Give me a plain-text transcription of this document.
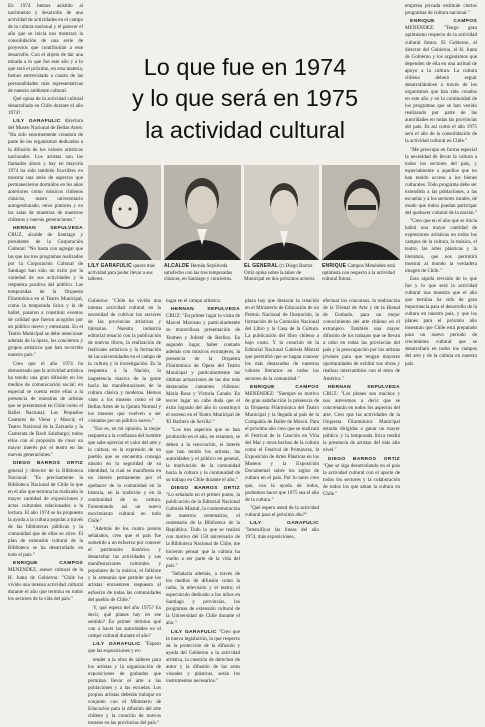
Lo que fue en 1974
y lo que será en 1975
la actividad cultural

En 1974 hemos asistido al nacimiento y desarrollo de una actividad de actividades en el campo de la cultura nacional y el parecer el año que se inicia nos mostrará la consolidación de una serie de proyectos que contribuirán a este desarrollo. Con el objeto de dar una mirada a lo que fue este año y a lo que será el próximo, en esta materia, hemos entrevistado a cuatro de las personalidades más representativas de nuestro ambiente cultural.

Qué opina de la actividad cultural desarrollada en Chile durante el año 1974?

LILY GARAFULIC directora del Museo Nacional de Bellas Artes: "Ha sido enormemente creadora de parte de los organismos dedicados a la difusión de los valores artísticos nacionales. Los artistas son los llamados ahora y hay en mayoría 1974 ha sido también fructífero en mostrar una serie de aspectos que permanecieron dormidos en los años anteriores como músicos chilenos clásicos, teatro universitario autogestionado, otros pintores y en las salas de muestras de maestros chilenos y nuevas generaciones."

HERNAN SEPULVEDA CRUZ, alcalde de Santiago y presidente de la Corporación Cultural: "No basta con agregar que las que los tres programas realizados por la Corporación Cultural de Santiago han sido un éxito por la variedad de sus actividades y la respuesta positiva del público. Las temporadas de la Orquesta Filarmónica en el Teatro Municipal, como la temporada lírica y la de ballet, pasaron a constituir eventos de calidad que fueron acogidos por un público nuevo y entusiasta. En el Teatro Municipal se debe mencionar además de la ópera, los conciertos y grupos artísticos que han recorrido nuestro país."

Creo que el año 1974 ha demostrado que la actividad artística ha tenido una gran difusión en los medios de comunicación social; en especial se cuenta entre ellas a la presencia de muestras de artistas que se presentaron en Chile como el Ballet Nacional, Los Pequeños Cantores de Viena y Moscú; el Teatro Nacional de la Zarzuela y la Camerata de Bach Salzburgo; todos ellos con el propósito de crear un mayor interés por el teatro en las nuevas generaciones."

DIEGO BARROS ORTIZ general y director de la Biblioteca Nacional: "Es precisamente la Biblioteca Nacional de Chile la que en el año que termina ha realizado la mayor cantidad de exposiciones y actos culturales relacionados a la lectura. El año 1974 se ha propuesto la ayuda a la cultura popular a través de las bibliotecas públicas y la comunidad que de ellas se sirve. El plan de extensión cultural de la Biblioteca se ha desarrollado en todo el país."

ENRIQUE CAMPOS MENENDEZ, asesor cultural de la H. Junta de Gobierno: "Chile ha vivido una intensa actividad cultural durante el año que termina en todos los sectores de la vida del país."

empresa privada estimule ciertos programas de cultura nacional."

ENRIQUE CAMPOS MENENDEZ: "Tengo gran optimismo respecto de la actividad cultural futura. El Gobierno, el director del Gobierno, el H. Junta de Gobierno y los organismos que dependen de ella en una actitud de apoyo a la cultura. La cultura chilena deberá seguir desarrollándose a través de los organismos que han sido creados en este año y en la continuidad de los programas que se han venido realizando por parte de las autoridades en todas las provincias del país. Es así como el año 1975 será el año de la consolidación de la actividad cultural en Chile."

"Me preocupa en forma especial la necesidad de llevar la cultura a todos los sectores del país, y especialmente a aquellos que no han tenido acceso a los bienes culturales. Todo programa debe ser extendido a las poblaciones, a las escuelas y a los sectores rurales, de modo que todos puedan participar del quehacer cultural de la nación."

"Creo que en el año que se inicia habrá una mayor cantidad de expresiones artísticas en todos los campos de la cultura, la música, el teatro, las artes plásticas y la literatura, que nos permitirá mostrar al mundo la verdadera imagen de Chile."

Esta rápida revisión de lo que fue y lo que será la actividad cultural nos muestra que el año que termina ha sido de gran importancia para el desarrollo de la cultura en nuestro país, y que los planes para el próximo año muestran que Chile está preparado para un nuevo período de crecimiento cultural que se desarrollará en todos los campos del arte y de la cultura en nuestro país.

LILY GARAFULIC quiere más actividad para poder llevar a sus talleres.
ALCALDE Hernán Sepúlveda satisfecho con las tres temporadas clásicas, en Santiago y conciertos.
EL GENERAL (r) Diego Barros Ortiz opina sobre la labor de Municipal en dos próximos actores.
ENRIQUE Campos Menéndez está optimista con respecto a la actividad cultural futura.

Gobierno: "Chile ha vivido una intensa actividad cultural en la necesidad de cultivar los sectores de las provincias artísticas y literarias. Nuestra industria editorial renació con la publicación de nuevos libros, la realización de festivales artísticos y la formación de las universidades en el campo de la cultura y la investigación. Es la respuesta a la Nación, la inapetencia masiva de la gente hacia las manifestaciones de la cultura clásica y moderna. Hemos visto a los museos como el de Bellas Artes de la Quinta Normal y los museos que vuelven a ser visitados por un público nuevo."

"Eso es, en mi opinión, la mejor respuesta a la confianza del hombre que sabe apreciar el valor del arte y la cultura, es la expresión de un pueblo que se encuentra consigo mismo en la seguridad de su identidad, la cual se manifiesta en un interés permanente por el quehacer de la comunidad en la historia, en la tradición y en la continuidad de su cultura. Fomentando así un nuevo movimiento cultural en todo Chile."

"Además de los cuatro puntos señalados, creo que el país fue sometido a un esfuerzo por conocer el patrimonio histórico y desarrollar las actividades y sus manifestaciones culturales y populares de la música, el folklore y la artesanía que permite que los artistas encuentren respuesta al esfuerzo de todas las comunidades del pueblo de Chile."

Y, qué espera del año 1975? Es decir, qué planes hay en ese sentido? En primer término qué van a hacer las autoridades en el campo cultural durante el año?

LILY GARAFULIC "Espero que las exposiciones y ex-

tender a la obra de talleres para los artistas y la organización de exposiciones de grabados que permitan llevar el arte a las poblaciones y a las escuelas. Los propios artistas deberán trabajar en conjunto con el Ministerio de Educación para la difusión del arte chileno y la creación de nuevos museos en las provincias del país."

lugar en el campo artístico.

HERNAN SEPULVEDA CRUZ: "En primer lugar la visita de Marcel Marceau y particularmente su maravillosa presentación de 'Romeo y Julieta' de Berlioz. En segundo lugar, haber contado además con músicos extranjeros, la presencia de la Orquesta Filarmónica de Opera del Teatro Municipal y particularmente las últimas actuaciones de las dos más destacadas cantantes chilenas: María Rosa y Victoria Canale. En tercer lugar no cabe duda que el éxito logrado del año lo constituyó el estreno en el Teatro Municipal de 'El Barbero de Sevilla'."

"Los tres aspectos que se han producido en el año, en resumen, se deben a la renovación, el interés que han tenido los artistas, las autoridades y el público en general, la motivación de la comunidad hacia la cultura y la continuidad de su trabajo en Chile durante el año."

DIEGO BARROS ORTIZ "Lo señalado en el primer punto, la publicación de la Editorial Nacional Gabriela Mistral, la conmemoración de nuestros centenarios, el centenario de la Biblioteca de la República. Todo lo que se realizó con motivo del 150 aniversario de la Biblioteca Nacional de Chile, me hicieron pensar que la cultura ha vuelto a ser parte de la vida del país."

"Señalaría además, a través de los medios de difusión como la radio, la televisión y el teatro; el espectáculo dedicado a los niños en Santiago y provincias, los programas de extensión cultural de la Universidad de Chile durante el año."

LILY GARAFULIC "Creo que la nueva legislación, la que respecto de la protección de la difusión y ayuda del Gobierno a la actividad artística, la cuestión de derechos de autor y la difusión de las artes visuales y plásticas, serán los instrumentos necesarios."

plazo hay que destacar la creación en el Ministerio de Educación de un Premio Nacional de Ilustración, la formación de la Comisión Nacional del Libro y la Casa de la Cultura. La publicación del libro chileno a bajo costo. Y la creación de la Editorial Nacional Gabriela Mistral que permitirá que se hagan conocer los más destacados de nuestros valores literarios en todos los sectores de la comunidad."

ENRIQUE CAMPOS MENENDEZ: "Siempre es motivo de gran satisfacción la presencia de la Orquesta Filarmónica del Teatro Municipal y la llegada al país de la Compañía de Ballet de Moscú. Para el próximo año creo que se realizará el Festival de la Canción en Viña del Mar y otros hechos de la cultura como el Festival de Primavera, la Exposición de Artes Plásticas en los Museos y la Exposición Documental sobre los siglos de cultura en el país. Por lo tanto creo que, con la ayuda de todos, podremos hacer que 1975 sea el año de la cultura."

"Qué espera usted de la actividad cultural para el próximo año?"

LILY GARAFULIC "Intensificar las líneas del año 1974, más exposiciones,

efectuar los concursos, la realización de la Trienal de Arte y de la Bienal de Grabado, para un mejor conocimiento del arte chileno en el extranjero. También una mayor difusión de los trabajos que se llevan a cabo en todas las provincias del país y la preocupación por los artistas jóvenes para que tengan mayores oportunidades de exhibir sus obras y realizar intercambios con el resto de América."

HERNAN SEPULVEDA CRUZ: "Los planes son muchos y nos atrevemos a decir que se concretarán en todos los aspectos del arte. Creo que las actividades de la Orquesta Filarmónica Municipal estarán dirigidas a ganar un mayor público y la temporada lírica tendrá la presencia de artistas del más alto nivel."

DIEGO BARROS ORTIZ "Que se siga desarrollando en el país la actividad cultural con el aporte de todos los sectores y la colaboración de todos los que aman la cultura en Chile."
